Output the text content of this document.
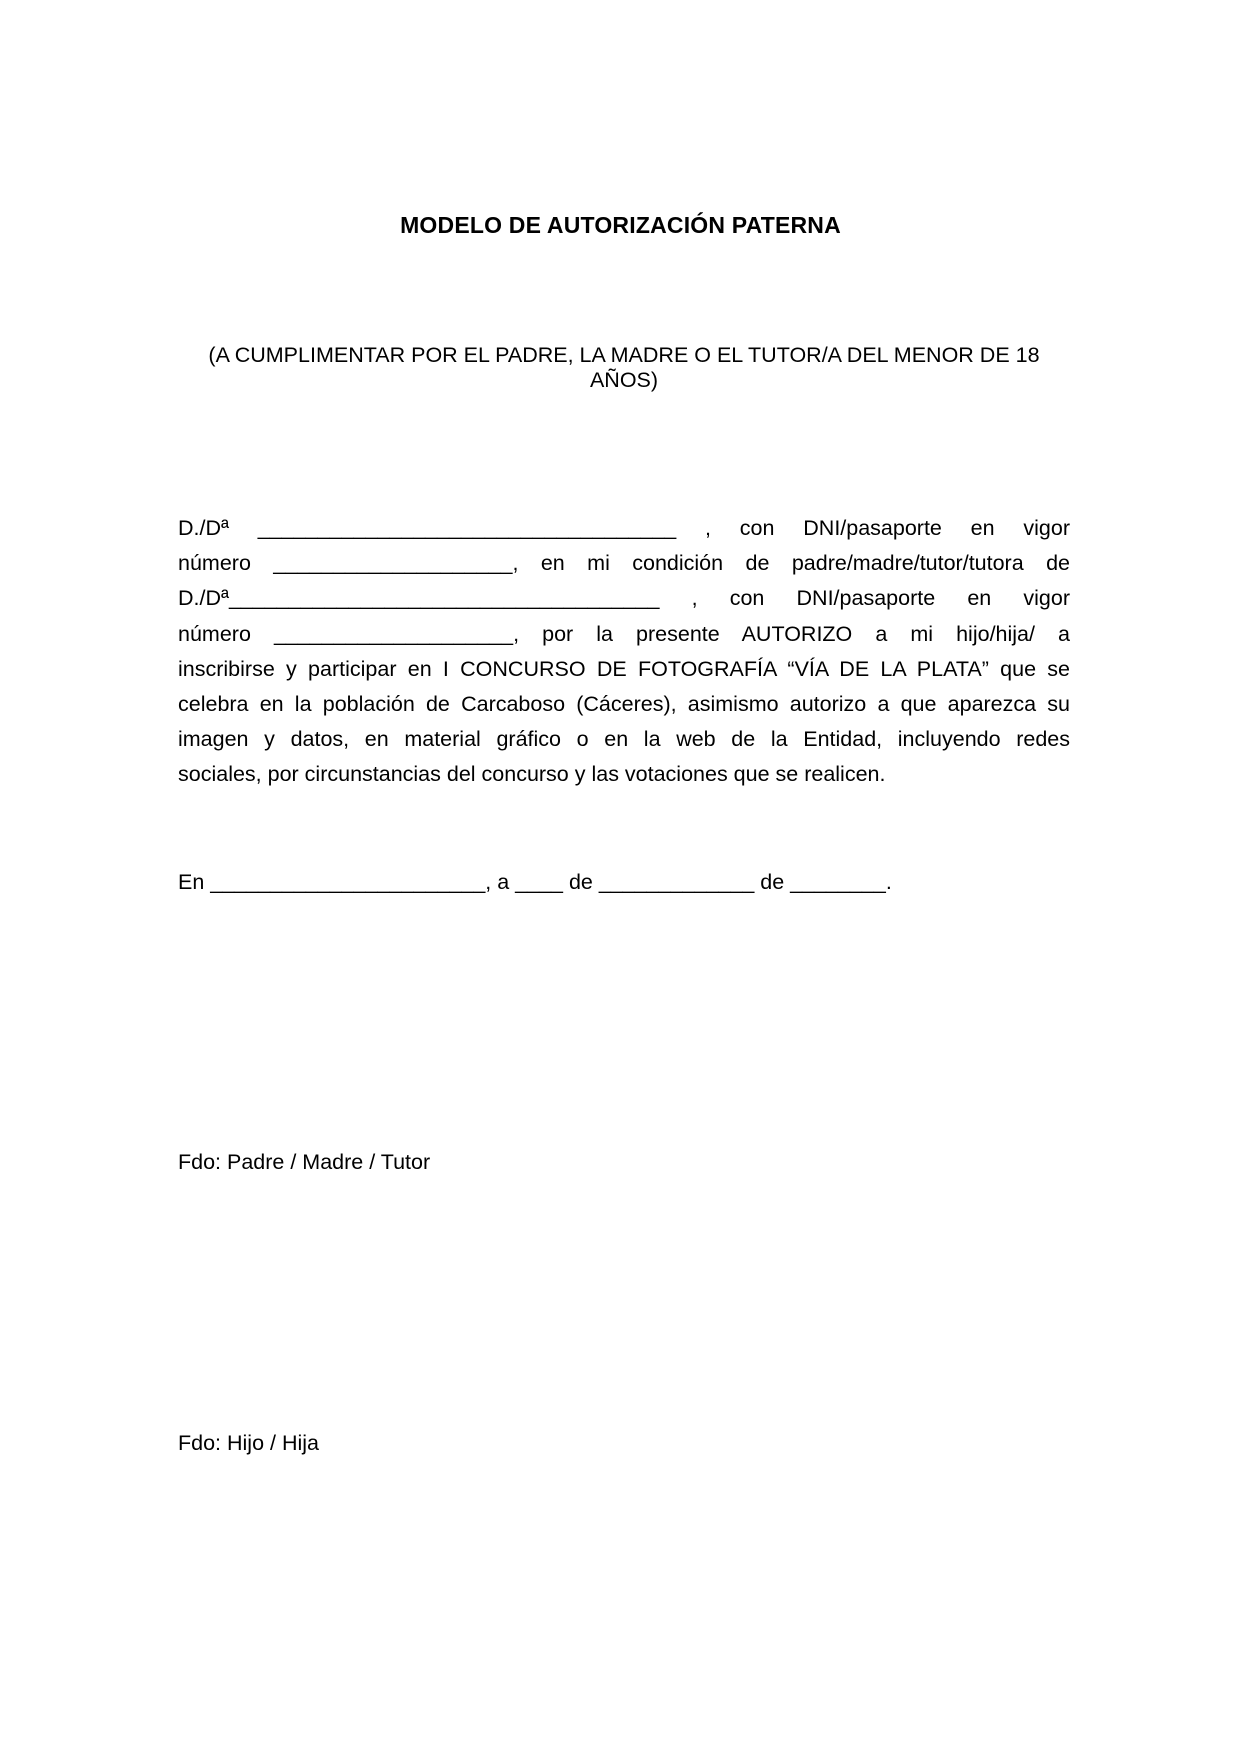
MODELO DE AUTORIZACIÓN PATERNA
(A CUMPLIMENTAR POR EL PADRE, LA MADRE O EL TUTOR/A DEL MENOR DE 18 AÑOS)
D./Dª ___________________________________ , con DNI/pasaporte en vigor
número ____________________, en mi condición de padre/madre/tutor/tutora de
D./Dª____________________________________ , con DNI/pasaporte en vigor
número ____________________, por la presente AUTORIZO a mi hijo/hija/ a
inscribirse y participar en I CONCURSO DE FOTOGRAFÍA “VÍA DE LA PLATA” que se
celebra en la población de Carcaboso (Cáceres), asimismo autorizo a que aparezca su
imagen y datos, en material gráfico o en la web de la Entidad, incluyendo redes
sociales, por circunstancias del concurso y las votaciones que se realicen.
En _______________________, a ____ de _____________ de ________.
Fdo: Padre / Madre / Tutor
Fdo: Hijo / Hija
